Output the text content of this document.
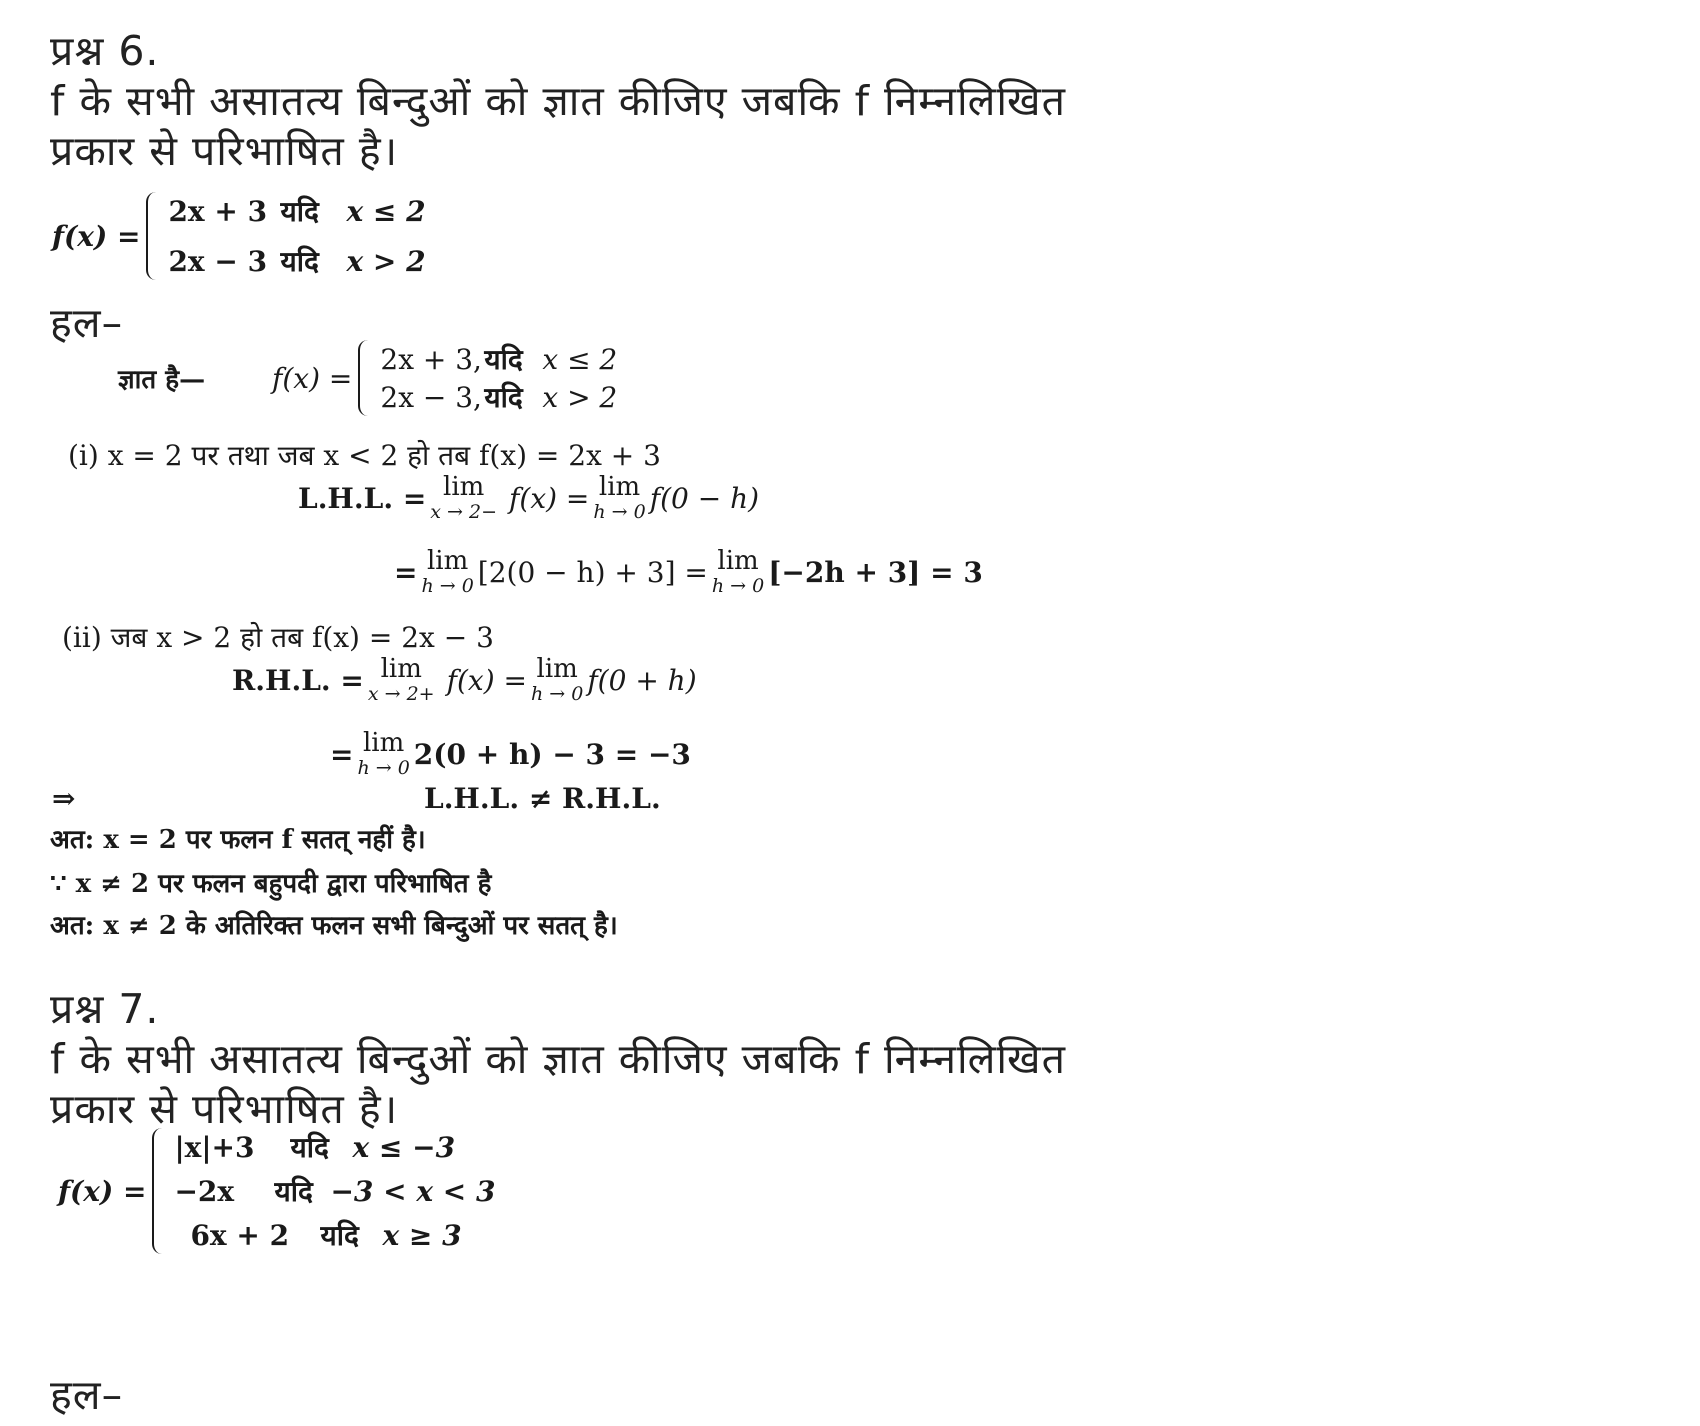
प्रश्न 6.
f के सभी असातत्य बिन्दुओं को ज्ञात कीजिए जबकि f निम्नलिखित
प्रकार से परिभाषित है।
f(x) =
2x + 3 यदि x ≤ 2
2x − 3 यदि x > 2
हल–
ज्ञात है— f(x) =
2x + 3, यदि x ≤ 2
2x − 3, यदि x > 2
(i) x = 2 पर तथा जब x < 2 हो तब f(x) = 2x + 3
L.H.L. = lim
x → 2− f(x) = lim
h → 0 f(0 − h)
= lim
h → 0 [2(0 − h) + 3] = lim
h → 0 [−2h + 3] = 3
(ii) जब x > 2 हो तब f(x) = 2x − 3
R.H.L. = lim
x → 2+ f(x) = lim
h → 0 f(0 + h)
= lim
h → 0 2(0 + h) − 3 = −3
⇒	L.H.L. ≠ R.H.L.
अत: x = 2 पर फलन f सतत् नहीं है।
∵ x ≠ 2 पर फलन बहुपदी द्वारा परिभाषित है
अत: x ≠ 2 के अतिरिक्त फलन सभी बिन्दुओं पर सतत् है।
प्रश्न 7.
f के सभी असातत्य बिन्दुओं को ज्ञात कीजिए जबकि f निम्नलिखित
प्रकार से परिभाषित है।
f(x) =
|x|+3	यदि x ≤ −3
−2x	यदि −3 < x < 3
6x + 2	यदि x ≥ 3
हल–
